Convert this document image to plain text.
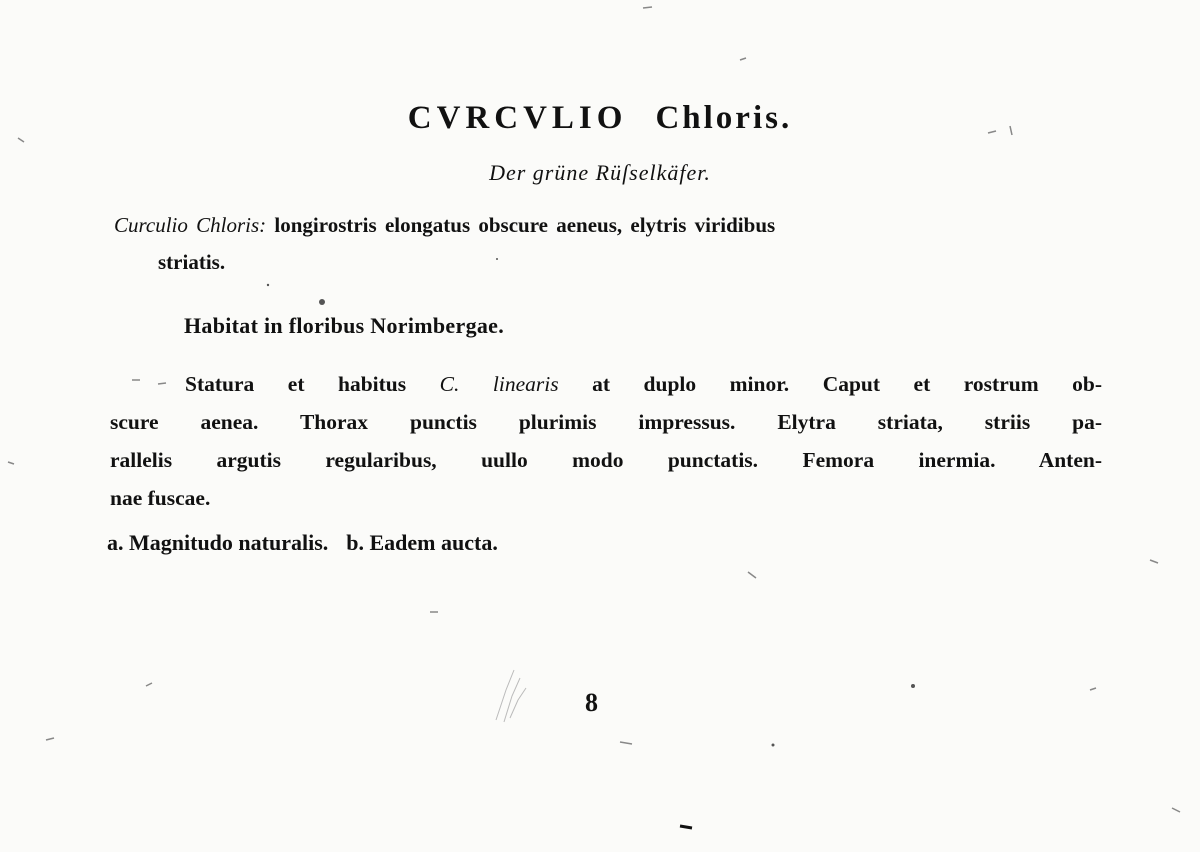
CVRCVLIO Chloris.
Der grüne Rüſselkäfer.
Curculio Chloris: longirostris elongatus obscure aeneus, elytris viridibus
striatis.
Habitat in floribus Norimbergae.
Statura et habitus C. linearis at duplo minor. Caput et rostrum ob-
scure aenea. Thorax punctis plurimis impressus. Elytra striata, striis pa-
rallelis argutis regularibus, uullo modo punctatis. Femora inermia. Anten-
nae fuscae.
a. Magnitudo naturalis. b. Eadem aucta.
8
